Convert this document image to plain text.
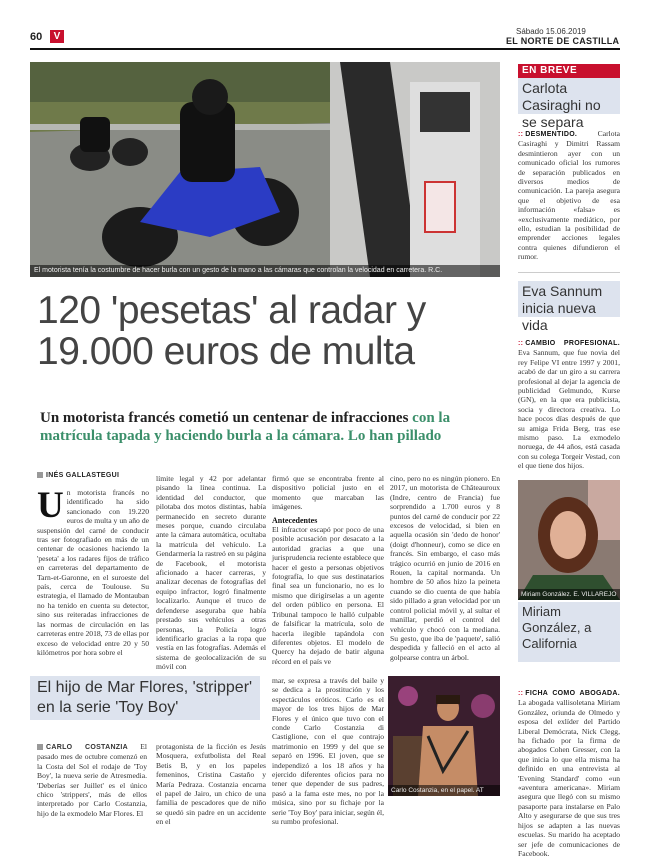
60	V	Sábado 15.06.2019
EL NORTE DE CASTILLA
El motorista tenía la costumbre de hacer burla con un gesto de la mano a las cámaras que controlan la velocidad en carretera. R.C.
120 'pesetas' al radar y 19.000 euros de multa
Un motorista francés cometió un centenar de infracciones con la matrícula tapada y haciendo burla a la cámara. Lo han pillado
INÉS GALLASTEGUI
U n motorista francés no identificado ha sido sancionado con 19.220 euros de multa y un año de suspensión del carné de conducir tras ser fotografiado en más de un centenar de ocasiones haciendo la 'peseta' a los radares fijos de tráfico en carreteras del departamento de Tarn-et-Garonne, en el suroeste del país, cerca de Toulouse. Su estrategia, el llamado de Montauban no ha tenido en cuenta su detector, sino sus reiteradas infracciones de las normas de circulación en las carreteras entre 2018, 73 de ellas por exceso de velocidad entre 20 y 50 kilómetros por hora sobre el
límite legal y 42 por adelantar pisando la línea continua. La identidad del conductor, que pilotaba dos motos distintas, había permanecido en secreto durante meses porque, cuando circulaba ante la cámara automática, ocultaba la matrícula del vehículo. La Gendarmería la rastreó en su página de Facebook, el motorista aficionado a hacer carreras, y analizar decenas de fotografías del equipo infractor, logró finalmente localizarlo. Aunque el truco de defenderse aseguraba que había prestado sus vehículos a otras personas, la Policía logró identificarlo gracias a la ropa que vestía en las fotografías. Además el sistema de geolocalización de su móvil con
firmó que se encontraba frente al dispositivo policial justo en el momento que marcaban las imágenes.
Antecedentes
El infractor escapó por poco de una posible acusación por desacato a la autoridad gracias a que una jurisprudencia reciente establece que hacer el gesto a personas objetivos fotografía, lo que sus destinatarios final sea un funcionario, no es lo mismo que dirigírselas a un agente del orden público en persona. El Tribunal tampoco le halló culpable de falsificar la matrícula, solo de hacerla ilegible tapándola con diferentes objetos. El modelo de Quercy ha dejado de batir alguna récord en el país ve
cino, pero no es ningún pionero. En 2017, un motorista de Châteauroux (Indre, centro de Francia) fue sorprendido a 1.700 euros y 8 puntos del carné de conducir por 22 excesos de velocidad, si bien en aquella ocasión sin 'dedo de honor' (doigt d'honneur), como se dice en francés. Sin embargo, el caso más trágico ocurrió en junio de 2016 en Rouen, la capital normanda. Un hombre de 50 años hizo la peineta cuando se dio cuenta de que había sido pillado a gran velocidad por un control policial móvil y, al sultar el manillar, perdió el control del vehículo y chocó con la mediana. Su gesto, que iba de 'paquete', salió despedida y falleció en el acto al golpearse contra un árbol.
El hijo de Mar Flores, 'stripper' en la serie 'Toy Boy'
CARLO COSTANZIA El pasado mes de octubre comenzó en la Costa del Sol el rodaje de 'Toy Boy', la nueva serie de Atresmedia. 'Deberías ser Juillet' es el único chico 'strippers', más de ellos interpretado por Carlo Costanzia, hijo de la exmodelo Mar Flores. El
protagonista de la ficción es Jesús Mosquera, exfutbolista del Real Betis B, y en los papeles femeninos, Cristina Castaño y María Pedraza. Costanzia encarna el papel de Jairo, un chico de una familia de pescadores que de niño se quedó sin padre en un accidente en el
mar, se expresa a través del baile y se dedica a la prostitución y los espectáculos eróticos. Carlo es el mayor de los tres hijos de Mar Flores y el único que tuvo con el conde Carlo Costanzia di Castiglione, con el que contrajo matrimonio en 1999 y del que se separó en 1996. El joven, que se independizó a los 18 años y ha ejercido diferentes oficios para no tener que depender de sus padres, pasó a la fama este mes, no por la música, sino por su fichaje por la serie 'Toy Boy' para iniciar, según él, su rumbo profesional.
Carlo Costanzia, en el papel. AT
EN BREVE
Carlota Casiraghi no se separa
:: DESMENTIDO.	Carlota Casiraghi y Dimitri Rassam desmintieron ayer con un comunicado oficial los rumores de separación publicados en diversos medios de comunicación. La pareja asegura que el objetivo de esa información «falsa» es «exclusivamente mediático, por ello, estudian la posibilidad de emprender acciones legales contra quienes difundieron el rumor.
Eva Sannum inicia nueva vida
:: CAMBIO PROFESIONAL. Eva Sannum, que fue novia del rey Felipe VI entre 1997 y 2001, acabó de dar un giro a su carrera profesional al dejar la agencia de publicidad Gelmundo, Kurse (GN), en la que era publicista, socia y directora creativa. Lo hace pocos días después de que su amiga Frida Berg, tras ese mismo paso. La exmodelo noruega, de 44 años, está casada con su colega Torgeir Vestad, con el que tiene dos hijos.
Miriam González. E. VILLAREJO
Miriam González, a California
:: FICHA COMO ABOGADA. La abogada vallisoletana Miriam González, oriunda de Olmedo y esposa del exlíder del Partido Liberal Demócrata, Nick Clegg, ha fichado por la firma de abogados Cohen Gresser, con la que inicia lo que ella misma ha definido en una entrevista al 'Evening Standard' como «un «aventura americana». Miriam asegura que llegó con su mismo pasaporte para instalarse en Palo Alto y asegurarse de que sus tres hijos se adapten a las nuevas escuelas. Su marido ha aceptado ser jefe de comunicaciones de Facebook.
